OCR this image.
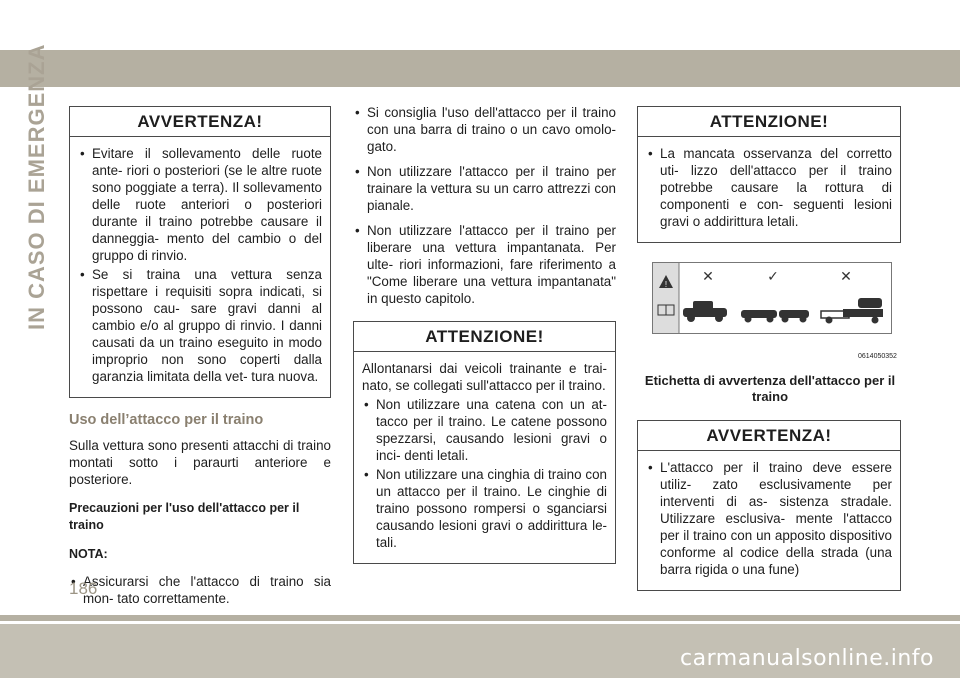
IN CASO DI EMERGENZA	AVVERTENZA!
• Evitare il sollevamento delle ruote ante- riori o posteriori (se le altre ruote sono poggiate a terra). Il sollevamento delle ruote anteriori o posteriori durante il traino potrebbe causare il danneggia- mento del cambio o del gruppo di rinvio.
• Se si traina una vettura senza rispettare i requisiti sopra indicati, si possono cau- sare gravi danni al cambio e/o al gruppo di rinvio. I danni causati da un traino eseguito in modo improprio non sono coperti dalla garanzia limitata della vet- tura nuova.
Uso dell’attacco per il traino

Sulla vettura sono presenti attacchi di traino montati sotto i paraurti anteriore e posteriore.

Precauzioni per l'uso dell'attacco per il traino
NOTA:
• Assicurarsi che l'attacco di traino sia mon- tato correttamente.
• Si consiglia l'uso dell'attacco per il traino con una barra di traino o un cavo omolo- gato.
• Non utilizzare l'attacco per il traino per trainare la vettura su un carro attrezzi con pianale.
• Non utilizzare l'attacco per il traino per liberare una vettura impantanata. Per ulte- riori informazioni, fare riferimento a "Come liberare una vettura impantanata" in questo capitolo.
ATTENZIONE!

Allontanarsi dai veicoli trainante e trai- nato, se collegati sull'attacco per il traino.

• Non utilizzare una catena con un at- tacco per il traino. Le catene possono spezzarsi, causando lesioni gravi o inci- denti letali.
• Non utilizzare una cinghia di traino con un attacco per il traino. Le cinghie di traino possono rompersi o sganciarsi causando lesioni gravi o addirittura le- tali.
ATTENZIONE!
• La mancata osservanza del corretto uti- lizzo dell'attacco per il traino potrebbe causare la rottura di componenti e con- seguenti lesioni gravi o addirittura letali.
!	✕	✓	✕
0614050352
Etichetta di avvertenza dell'attacco per il traino
AVVERTENZA!
• L'attacco per il traino deve essere utiliz- zato esclusivamente per interventi di as- sistenza stradale. Utilizzare esclusiva- mente l'attacco per il traino con un apposito dispositivo conforme al codice della strada (una barra rigida o una fune)
186
carmanualsonline.info
